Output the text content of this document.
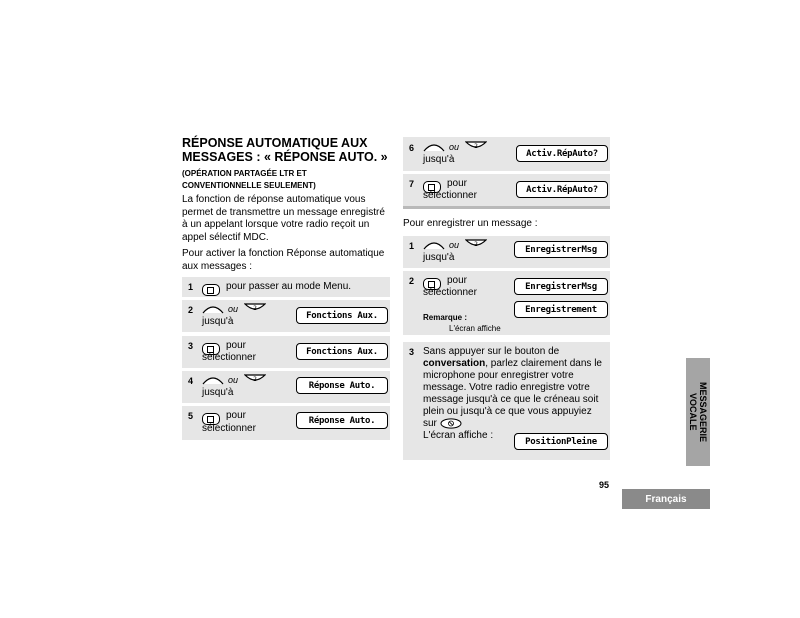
RÉPONSE AUTOMATIQUE AUX
MESSAGES : « RÉPONSE AUTO. »
(OPÉRATION PARTAGÉE LTR ET
CONVENTIONNELLE SEULEMENT)
La fonction de réponse automatique vous
permet de transmettre un message enregistré
à un appelant lorsque votre radio reçoit un
appel sélectif MDC.
Pour activer la fonction Réponse automatique
aux messages :
1	pour passer au mode Menu.
2	ou	2
jusqu'à
Fonctions Aux.
3	pour
sélectionner
Fonctions Aux.
4	ou	2
jusqu'à
Réponse Auto.
5	pour
sélectionner
Réponse Auto.
6	ou	2
jusqu'à
Activ.RépAuto?
7	pour
sélectionner
Activ.RépAuto?
Pour enregistrer un message :
1	ou	2
jusqu'à
EnregistrerMsg
2	pour
sélectionner
EnregistrerMsg
Enregistrement
Remarque :
L'écran affiche
3 Sans appuyer sur le bouton de
conversation, parlez clairement dans le
microphone pour enregistrer votre
message. Votre radio enregistre votre
message jusqu'à ce que le créneau soit
plein ou jusqu'à ce que vous appuyiez
sur
L'écran affiche :
PositionPleine	MESSAGERIE
VOCALE
95
Français
